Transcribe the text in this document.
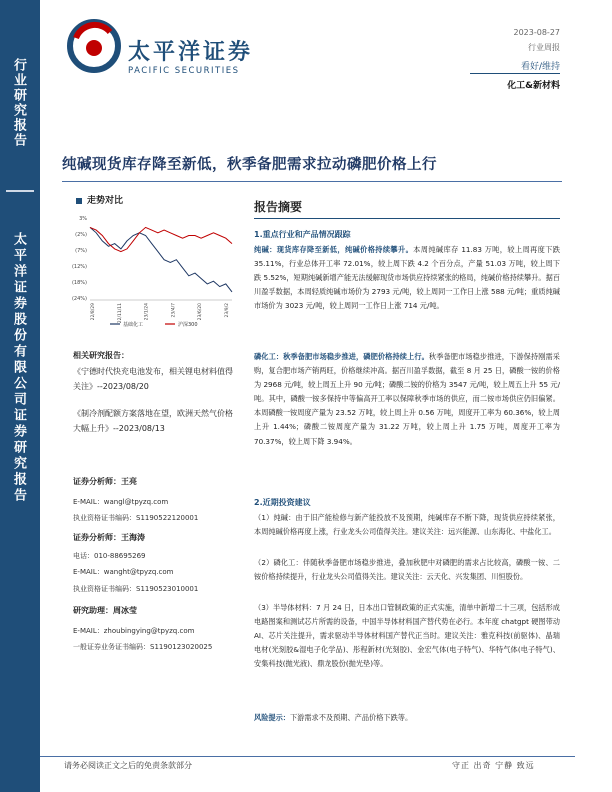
行业研究报告
太平洋证券股份有限公司证券研究报告
太平洋证券
PACIFIC SECURITIES
2023-08-27
行业周报
看好/维持
化工&新材料
纯碱现货库存降至新低，秋季备肥需求拉动磷肥价格上行
走势对比
3%
(2%)
(7%)
(12%)
(18%)
(24%)
22/8/29	22/11/11	23/1/24	23/4/7	23/6/20	23/9/2
基础化工	沪深300
相关研究报告：
《宁德时代快充电池发布，相关锂电材料值得关注》--2023/08/20
《制冷剂配额方案落地在望，欧洲天然气价格大幅上升》--2023/08/13
证券分析师：王亮
E-MAIL：wangl@tpyzq.com
执业资格证书编码：S1190522120001
证券分析师：王海涛
电话：010-88695269
E-MAIL：wanght@tpyzq.com
执业资格证书编码：S1190523010001
研究助理：周冰莹
E-MAIL：zhoubingying@tpyzq.com
一般证券业务证书编码：S1190123020025
报告摘要
1.重点行业和产品情况跟踪
纯碱：现货库存降至新低，纯碱价格持续攀升。本周纯碱库存 11.83 万吨，较上周再度下跌 35.11%，行业总体开工率 72.01%，较上周下跌 4.2 个百分点，产量 51.03 万吨，较上周下跌 5.52%，短期纯碱新增产能无法缓解现货市场供应持续紧张的格局，纯碱价格持续攀升。据百川盈孚数据，本周轻质纯碱市场价为 2793 元/吨，较上周同一工作日上涨 588 元/吨；重质纯碱市场价为 3023 元/吨，较上周同一工作日上涨 714 元/吨。
磷化工：秋季备肥市场稳步推进，磷肥价格持续上行。秋季备肥市场稳步推进，下游保持刚需采购，复合肥市场产销两旺，价格继续冲高。据百川盈孚数据，截至 8 月 25 日，磷酸一铵的价格为 2968 元/吨，较上周五上升 90 元/吨；磷酸二铵的价格为 3547 元/吨，较上周五上升 55 元/吨。其中，磷酸一铵多保持中等偏高开工率以保障秋季市场的供应，而二铵市场供应仍旧偏紧。本周磷酸一铵周度产量为 23.52 万吨，较上周上升 0.56 万吨，周度开工率为 60.36%，较上周上升 1.44%；磷酸二铵周度产量为 31.22 万吨，较上周上升 1.75 万吨，周度开工率为 70.37%，较上周下降 3.94%。
2.近期投资建议
（1）纯碱：由于旧产能检修与新产能投放不及预期，纯碱库存不断下降，现货供应持续紧张，本周纯碱价格再度上涨，行业龙头公司值得关注。建议关注：远兴能源、山东海化、中盐化工。
（2）磷化工：伴随秋季备肥市场稳步推进，叠加秋肥中对磷肥的需求占比较高，磷酸一铵、二铵价格持续提升，行业龙头公司值得关注。建议关注：云天化、兴发集团、川恒股份。
（3）半导体材料：7 月 24 日，日本出口管制政策的正式实施，清单中新增二十三项，包括形成电路图案和测试芯片所需的设备，中国半导体材料国产替代势在必行。本年度 chatgpt 硬图带动 AI、芯片关注提升，需求驱动半导体材料国产替代正当时。建议关注：雅克科技(前驱体)、晶瑞电材(光刻胶&湿电子化学品)、彤程新材(光刻胶)、金宏气体(电子特气)、华特气体(电子特气)、安集科技(抛光液)、鼎龙股份(抛光垫)等。
风险提示：下游需求不及预期、产品价格下跌等。
请务必阅读正文之后的免责条款部分	守正 出奇 宁静 致远
